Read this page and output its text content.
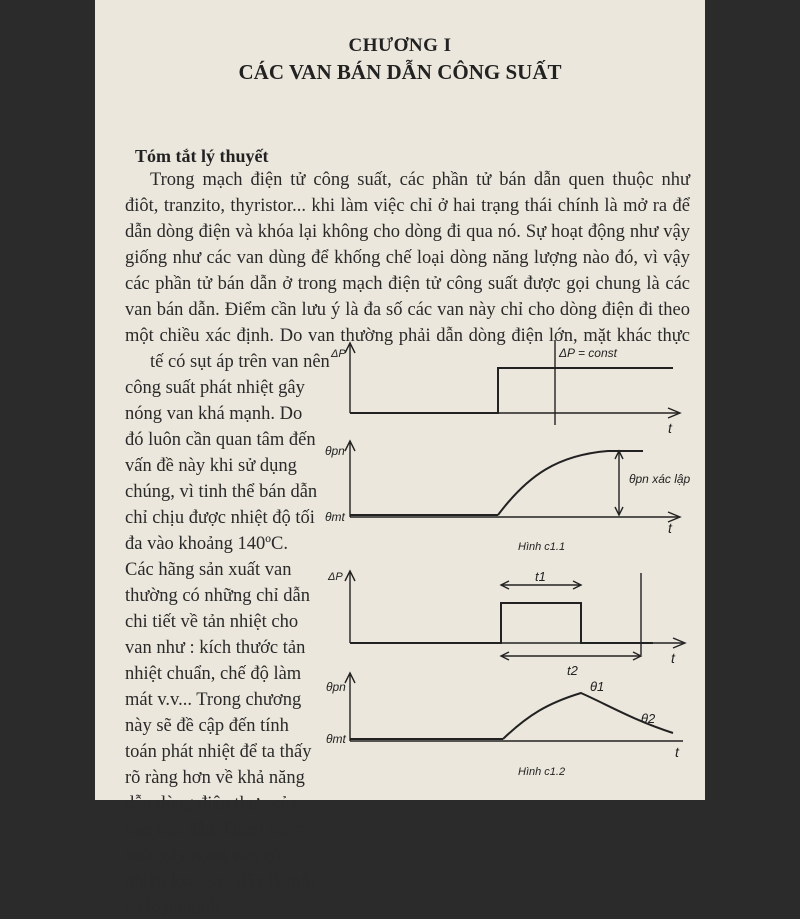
CHƯƠNG I
CÁC VAN BÁN DẪN CÔNG SUẤT
Tóm tắt lý thuyết
Trong mạch điện tử công suất, các phần tử bán dẫn quen thuộc như
điôt, tranzito, thyristor... khi làm việc chỉ ở hai trạng thái chính là mở ra để
dẫn dòng điện và khóa lại không cho dòng đi qua nó. Sự hoạt động như vậy
giống như các van dùng để khống chế loại dòng năng lượng nào đó, vì vậy
các phần tử bán dẫn ở trong mạch điện tử công suất được gọi chung là các
van bán dẫn. Điểm cần lưu ý là đa số các van này chỉ cho dòng điện đi theo
một chiều xác định. Do van thường phải dẫn dòng điện lớn, mặt khác thực
tế có sụt áp trên van nên
công suất phát nhiệt gây
nóng van khá mạnh. Do
đó luôn cần quan tâm đến
vấn đề này khi sử dụng
chúng, vì tinh thể bán dẫn
chỉ chịu được nhiệt độ tối
đa vào khoảng 140ºC.
Các hãng sản xuất van
thường có những chỉ dẫn
chi tiết về tản nhiệt cho
van như : kích thước tản
nhiệt chuẩn, chế độ làm
mát v.v... Trong chương
này sẽ đề cập đến tính
toán phát nhiệt để ta thấy
rõ ràng hơn về khả năng
dẫn dòng điện thực của
van bán dẫn. Dạng cộng
suất gây nóng van có
nhiều loại, sau đây là một
số loại chính:
ΔP	ΔP = const
t
θpn
θpn xác lập
θmt
t
Hình c1.1
ΔP	t1
t2
t
θpn	θ1
θ2
θmt
t
Hình c1.2
